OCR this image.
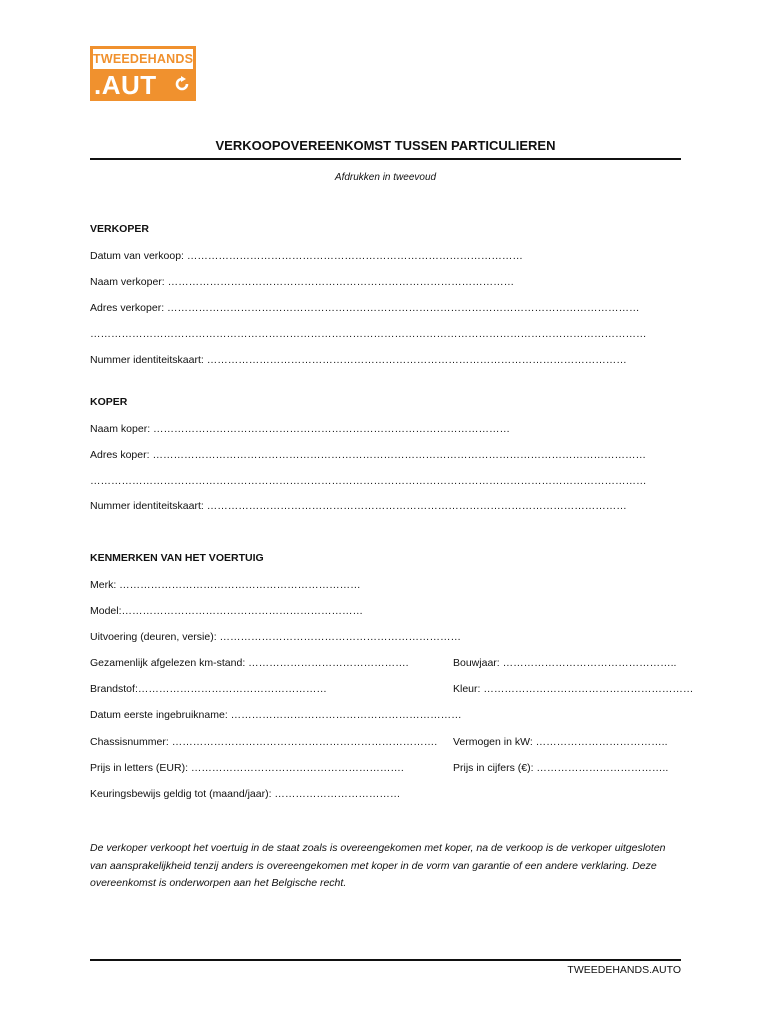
TWEEDEHANDS
.AUT
VERKOOPOVEREENKOMST TUSSEN PARTICULIEREN
Afdrukken in tweevoud
VERKOPER
Datum van verkoop: ……………………………………………………………………………………
Naam verkoper: ………………………………………………………………………………………
Adres verkoper: ………………………………………………………………………………………………………………………
……………………………………………………………………………………………………………………………………………
Nummer identiteitskaart: …………………………………………………………………………………………………………
KOPER
Naam koper: …………………………………………………………………………………………
Adres koper: ……………………………………………………………………………………………………………………………
……………………………………………………………………………………………………………………………………………
Nummer identiteitskaart: …………………………………………………………………………………………………………
KENMERKEN VAN HET VOERTUIG
Merk: ……………………………………………………………
Model:……………………………………………………………
Uitvoering (deuren, versie): ……………………………………………………………
Gezamenlijk afgelezen km-stand: ……………………………………….	Bouwjaar: …………………………………………..
Brandstof:………………………………………………	Kleur: ……………………………………………………
Datum eerste ingebruikname: …………………………………………………………
Chassisnummer: …………………………………………………………………. Vermogen in kW: ………………………………..
Prijs in letters (EUR): …………………………………………………….	Prijs in cijfers (€): ………………………………..
Keuringsbewijs geldig tot (maand/jaar): ………………………………
De verkoper verkoopt het voertuig in de staat zoals is overeengekomen met koper, na de verkoop is de verkoper uitgesloten van aansprakelijkheid tenzij anders is overeengekomen met koper in de vorm van garantie of een andere verklaring. Deze overeenkomst is onderworpen aan het Belgische recht.
TWEEDEHANDS.AUTO
